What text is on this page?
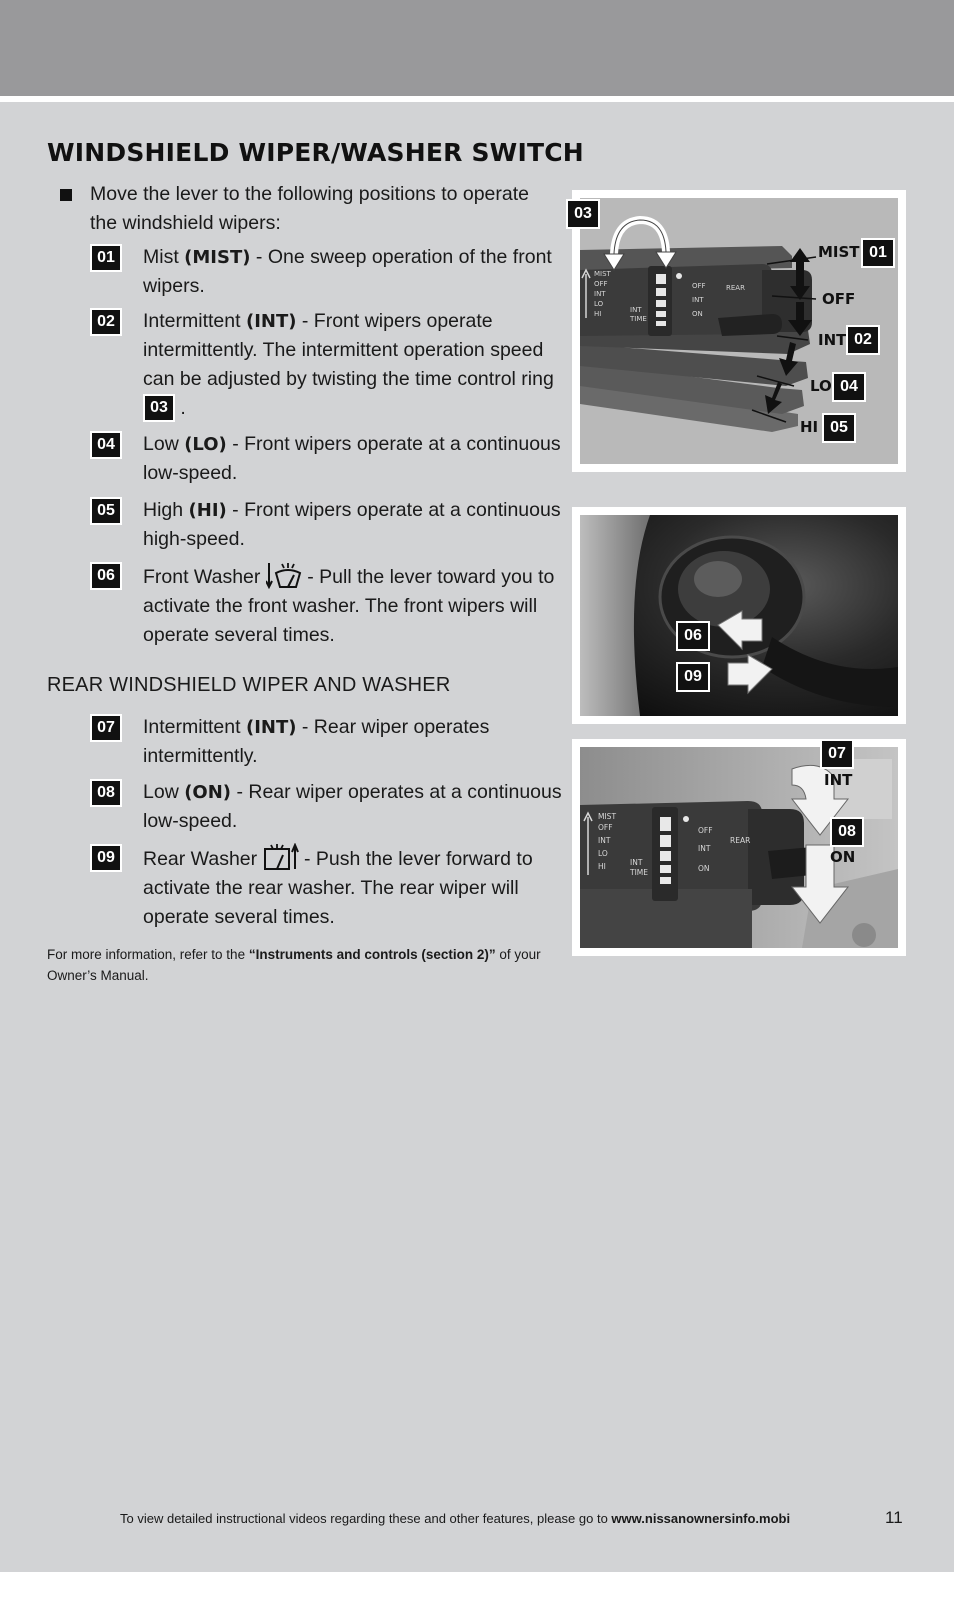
WINDSHIELD WIPER/WASHER SWITCH
Move the lever to the following positions to operate the windshield wipers:
01 Mist (MIST) - One sweep operation of the front wipers.
02 Intermittent (INT) - Front wipers operate intermittently. The intermittent operation speed can be adjusted by twisting the time control ring 03 .
04 Low (LO) - Front wipers operate at a continuous low-speed.
05 High (HI) - Front wipers operate at a continuous high-speed.
06 Front Washer  - Pull the lever toward you to activate the front washer. The front wipers will operate several times.
REAR WINDSHIELD WIPER AND WASHER
07 Intermittent (INT) - Rear wiper operates intermittently.
08 Low (ON) - Rear wiper operates at a continuous low-speed.
09 Rear Washer  - Push the lever forward to activate the rear washer. The rear wiper will operate several times.
For more information, refer to the “Instruments and controls (section 2)” of your Owner’s Manual.
MIST
OFF
INT
LO
HI	INT
TIME
OFF
INT
ON
REAR
03
MIST 01
OFF
INT 02
LO 04
HI 05
06
09
MIST
OFF
INT
LO
HI	INT
TIME
OFF
INT
ON
REAR
07
INT
08
ON
To view detailed instructional videos regarding these and other features, please go to www.nissanownersinfo.mobi	11
